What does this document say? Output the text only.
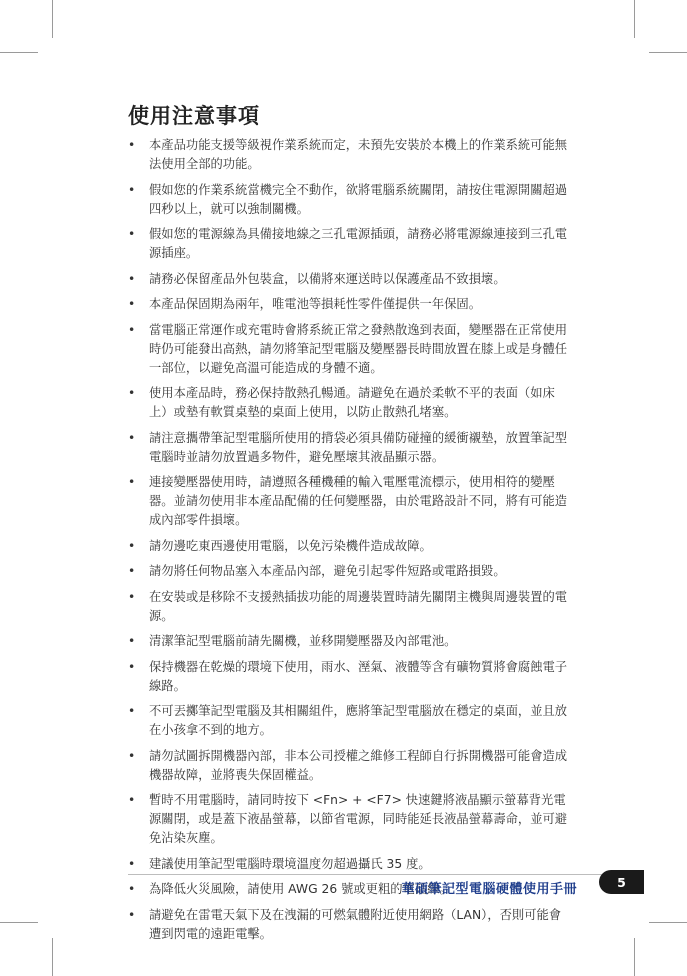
使用注意事項
•	本產品功能支援等級視作業系統而定，未預先安裝於本機上的作業系統可能無法使用全部的功能。
•	假如您的作業系統當機完全不動作，欲將電腦系統關閉，請按住電源開關超過四秒以上，就可以強制關機。
•	假如您的電源線為具備接地線之三孔電源插頭，請務必將電源線連接到三孔電源插座。
•	請務必保留產品外包裝盒，以備將來運送時以保護產品不致損壞。
•	本產品保固期為兩年，唯電池等損耗性零件僅提供一年保固。
•	當電腦正常運作或充電時會將系統正常之發熱散逸到表面，變壓器在正常使用時仍可能發出高熱，請勿將筆記型電腦及變壓器長時間放置在膝上或是身體任一部位，以避免高溫可能造成的身體不適。
•	使用本產品時，務必保持散熱孔暢通。請避免在過於柔軟不平的表面（如床上）或墊有軟質桌墊的桌面上使用，以防止散熱孔堵塞。
•	請注意攜帶筆記型電腦所使用的揹袋必須具備防碰撞的緩衝襯墊，放置筆記型電腦時並請勿放置過多物件，避免壓壞其液晶顯示器。
•	連接變壓器使用時，請遵照各種機種的輸入電壓電流標示，使用相符的變壓器。並請勿使用非本產品配備的任何變壓器，由於電路設計不同，將有可能造成內部零件損壞。
•	請勿邊吃東西邊使用電腦，以免污染機件造成故障。
•	請勿將任何物品塞入本產品內部，避免引起零件短路或電路損毀。
•	在安裝或是移除不支援熱插拔功能的周邊裝置時請先關閉主機與周邊裝置的電源。
•	清潔筆記型電腦前請先關機，並移開變壓器及內部電池。
•	保持機器在乾燥的環境下使用，雨水、溼氣、液體等含有礦物質將會腐蝕電子線路。
•	不可丟擲筆記型電腦及其相關組件，應將筆記型電腦放在穩定的桌面，並且放在小孩拿不到的地方。
•	請勿試圖拆開機器內部，非本公司授權之維修工程師自行拆開機器可能會造成機器故障，並將喪失保固權益。
•	暫時不用電腦時，請同時按下 <Fn> + <F7> 快速鍵將液晶顯示螢幕背光電源關閉，或是蓋下液晶螢幕，以節省電源，同時能延長液晶螢幕壽命，並可避免沾染灰塵。
•	建議使用筆記型電腦時環境溫度勿超過攝氏 35 度。
•	為降低火災風險，請使用 AWG 26 號或更粗的電話線。
•	請避免在雷電天氣下及在洩漏的可燃氣體附近使用網路（LAN），否則可能會遭到閃電的遠距電擊。
華碩筆記型電腦硬體使用手冊	5
